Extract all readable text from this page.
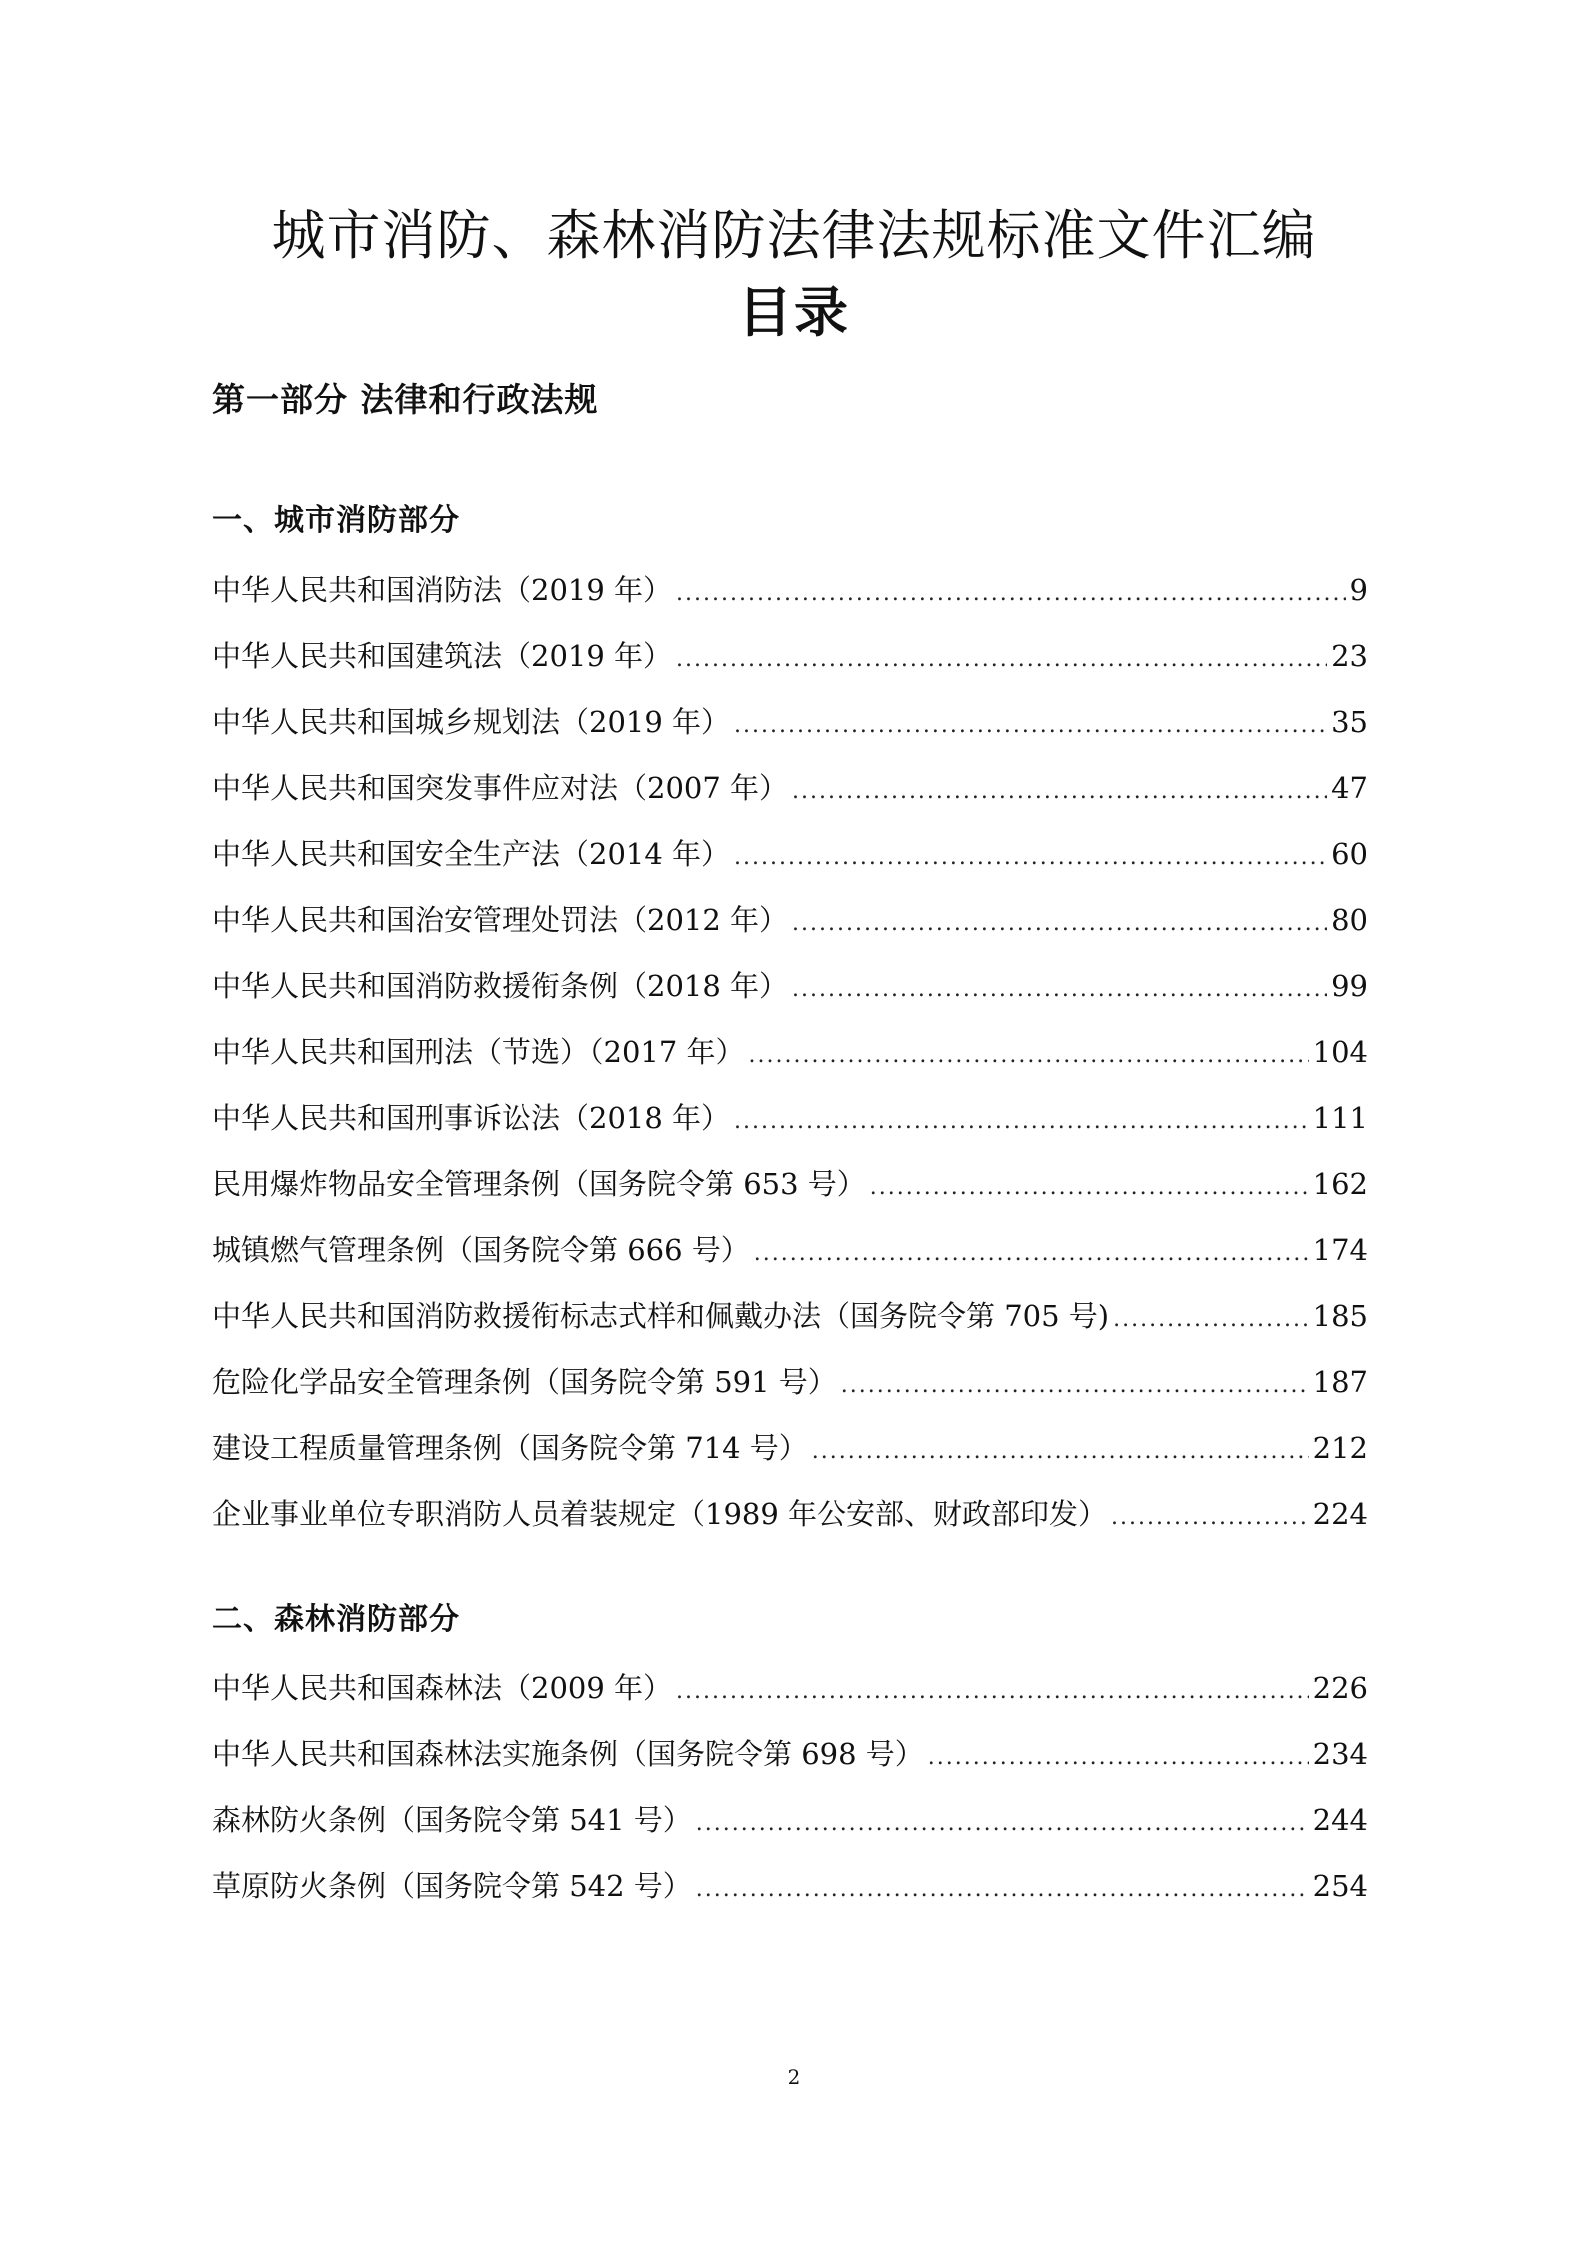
城市消防、森林消防法律法规标准文件汇编
目录
第一部分 法律和行政法规
一、城市消防部分
中华人民共和国消防法（2019 年） .....	9
中华人民共和国建筑法（2019 年） .....	23
中华人民共和国城乡规划法（2019 年） .....	35
中华人民共和国突发事件应对法（2007 年） .....	47
中华人民共和国安全生产法（2014 年） .....	60
中华人民共和国治安管理处罚法（2012 年） .....	80
中华人民共和国消防救援衔条例（2018 年） .....	99
中华人民共和国刑法（节选）（2017 年） .....	104
中华人民共和国刑事诉讼法（2018 年） .....	111
民用爆炸物品安全管理条例（国务院令第 653 号） .....	162
城镇燃气管理条例（国务院令第 666 号） .....	174
中华人民共和国消防救援衔标志式样和佩戴办法（国务院令第 705 号) .....	185
危险化学品安全管理条例（国务院令第 591 号） .....	187
建设工程质量管理条例（国务院令第 714 号） .....	212
企业事业单位专职消防人员着装规定（1989 年公安部、财政部印发） .....	224
二、森林消防部分
中华人民共和国森林法（2009 年） .....	226
中华人民共和国森林法实施条例（国务院令第 698 号） .....	234
森林防火条例（国务院令第 541 号） .....	244
草原防火条例（国务院令第 542 号） .....	254
2
